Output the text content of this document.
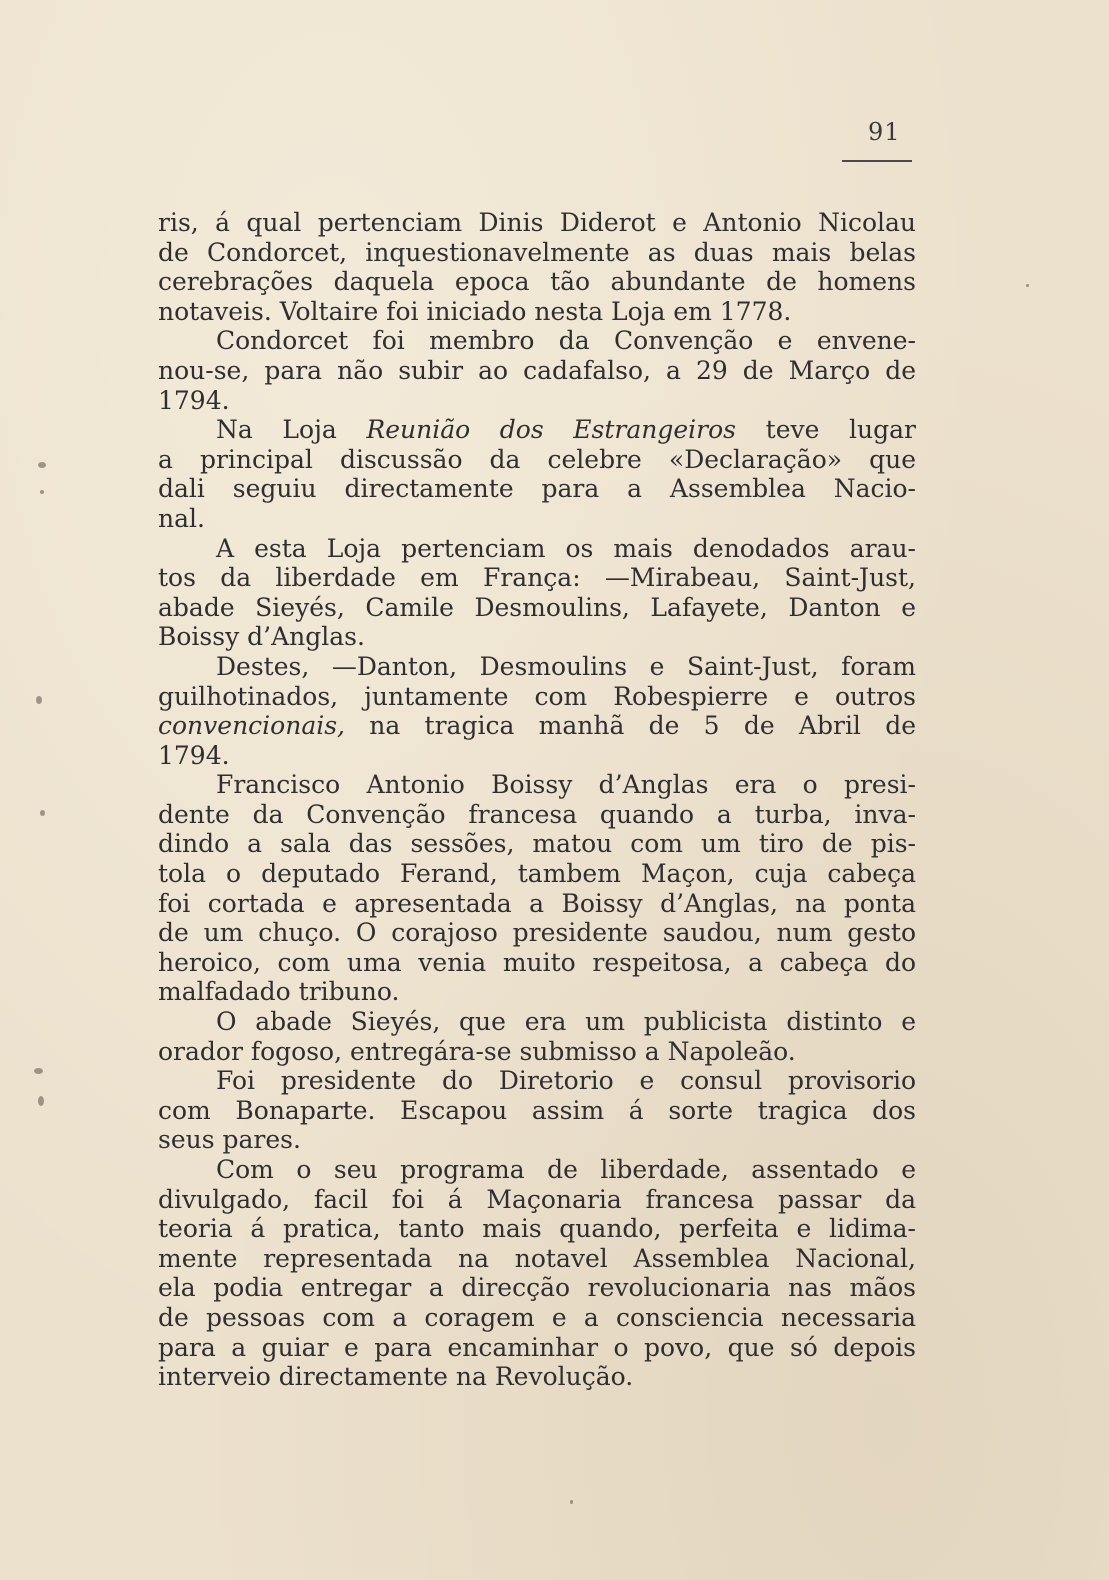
91
ris, á qual pertenciam Dinis Diderot e Antonio Nicolau
de Condorcet, inquestionavelmente as duas mais belas
cerebrações daquela epoca tão abundante de homens
notaveis. Voltaire foi iniciado nesta Loja em 1778.
Condorcet foi membro da Convenção e envene-
nou-se, para não subir ao cadafalso, a 29 de Março de
1794.
Na Loja Reunião dos Estrangeiros teve lugar
a principal discussão da celebre «Declaração» que
dali seguiu directamente para a Assemblea Nacio-
nal.
A esta Loja pertenciam os mais denodados arau-
tos da liberdade em França: —Mirabeau, Saint-Just,
abade Sieyés, Camile Desmoulins, Lafayete, Danton e
Boissy d’Anglas.
Destes, —Danton, Desmoulins e Saint-Just, foram
guilhotinados, juntamente com Robespierre e outros
convencionais, na tragica manhã de 5 de Abril de
1794.
Francisco Antonio Boissy d’Anglas era o presi-
dente da Convenção francesa quando a turba, inva-
dindo a sala das sessões, matou com um tiro de pis-
tola o deputado Ferand, tambem Maçon, cuja cabeça
foi cortada e apresentada a Boissy d’Anglas, na ponta
de um chuço. O corajoso presidente saudou, num gesto
heroico, com uma venia muito respeitosa, a cabeça do
malfadado tribuno.
O abade Sieyés, que era um publicista distinto e
orador fogoso, entregára-se submisso a Napoleão.
Foi presidente do Diretorio e consul provisorio
com Bonaparte. Escapou assim á sorte tragica dos
seus pares.
Com o seu programa de liberdade, assentado e
divulgado, facil foi á Maçonaria francesa passar da
teoria á pratica, tanto mais quando, perfeita e lidima-
mente representada na notavel Assemblea Nacional,
ela podia entregar a direcção revolucionaria nas mãos
de pessoas com a coragem e a consciencia necessaria
para a guiar e para encaminhar o povo, que só depois
interveio directamente na Revolução.
